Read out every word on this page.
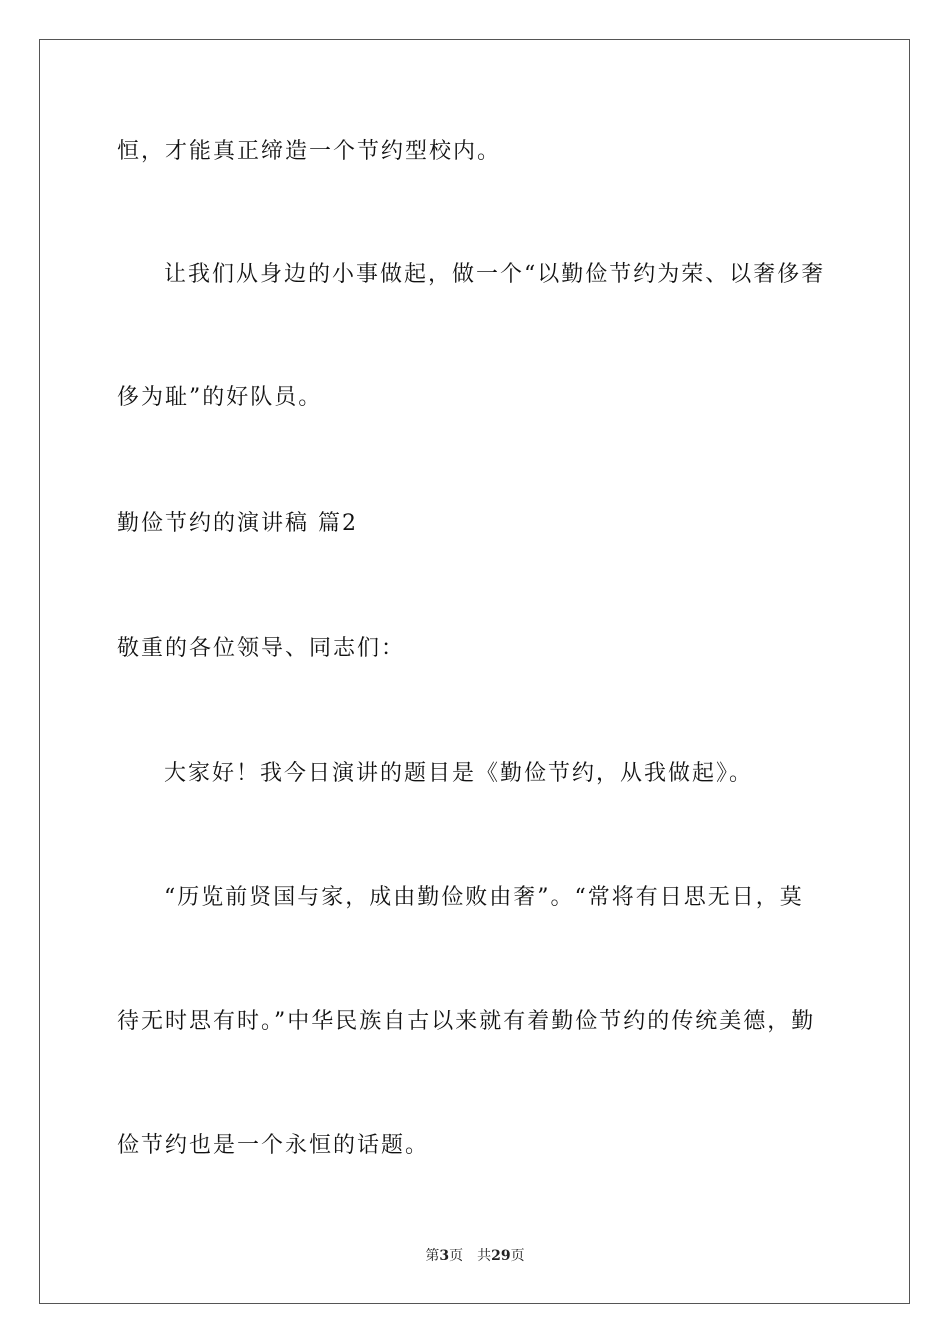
恒，才能真正缔造一个节约型校内。
让我们从身边的小事做起，做一个“以勤俭节约为荣、以奢侈奢
侈为耻”的好队员。
勤俭节约的演讲稿 篇2
敬重的各位领导、同志们：
大家好！我今日演讲的题目是《勤俭节约，从我做起》。
“历览前贤国与家，成由勤俭败由奢”。“常将有日思无日，莫
待无时思有时。”中华民族自古以来就有着勤俭节约的传统美德，勤
俭节约也是一个永恒的话题。
第3页 共29页
